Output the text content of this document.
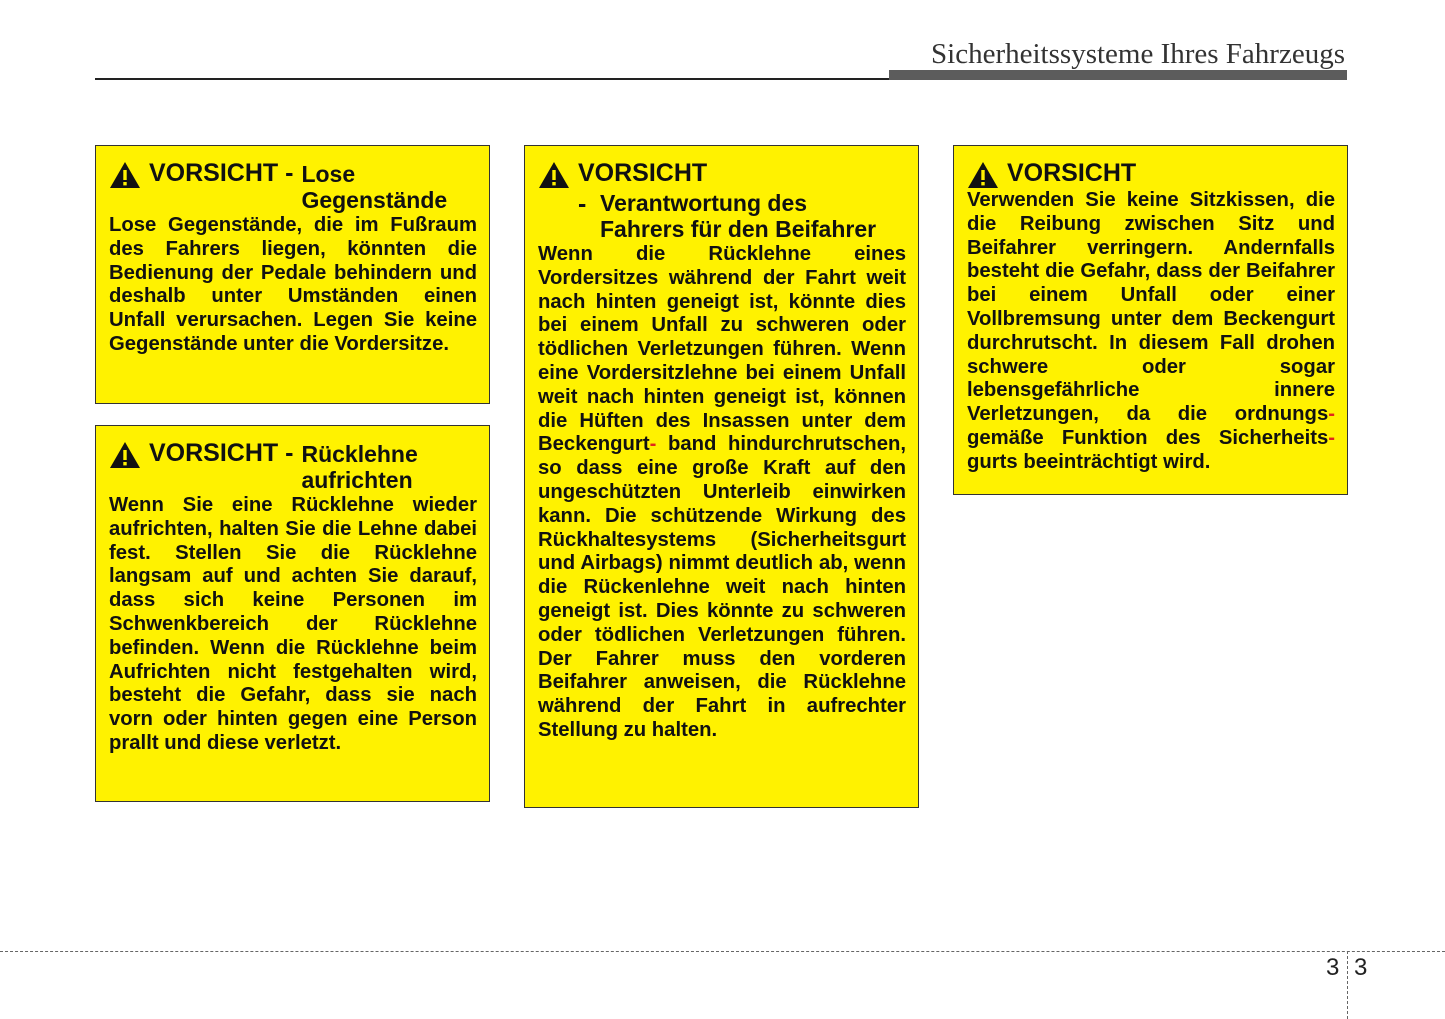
Sicherheitssysteme Ihres Fahrzeugs
VORSICHT - Lose
Gegenstände

Lose Gegenstände, die im Fußraum des Fahrers liegen, könnten die Bedienung der Pedale behindern und deshalb unter Umständen einen Unfall verursachen. Legen Sie keine Gegenstände unter die Vordersitze.

VORSICHT - Rücklehne
aufrichten

Wenn Sie eine Rücklehne wieder aufrichten, halten Sie die Lehne dabei fest. Stellen Sie die Rücklehne langsam auf und achten Sie darauf, dass sich keine Personen im Schwenkbereich der Rücklehne befinden. Wenn die Rücklehne beim Aufrichten nicht festgehalten wird, besteht die Gefahr, dass sie nach vorn oder hinten gegen eine Person prallt und diese verletzt.

VORSICHT
- Verantwortung des
Fahrers für den Beifahrer

Wenn die Rücklehne eines Vordersitzes während der Fahrt weit nach hinten geneigt ist, könnte dies bei einem Unfall zu schweren oder tödlichen Verletzungen führen. Wenn eine Vordersitzlehne bei einem Unfall weit nach hinten geneigt ist, können die Hüften des Insassen unter dem Beckengurt- band hindurchrutschen, so dass eine große Kraft auf den ungeschützten Unterleib einwirken kann. Die schützende Wirkung des Rückhaltesystems (Sicherheitsgurt und Airbags) nimmt deutlich ab, wenn die Rückenlehne weit nach hinten geneigt ist. Dies könnte zu schweren oder tödlichen Verletzungen führen. Der Fahrer muss den vorderen Beifahrer anweisen, die Rücklehne während der Fahrt in aufrechter Stellung zu halten.

VORSICHT

Verwenden Sie keine Sitzkissen, die die Reibung zwischen Sitz und Beifahrer verringern. Andernfalls besteht die Gefahr, dass der Beifahrer bei einem Unfall oder einer Vollbremsung unter dem Beckengurt durchrutscht. In diesem Fall drohen schwere oder sogar lebensgefährliche innere Verletzungen, da die ordnungs- gemäße Funktion des Sicherheits- gurts beeinträchtigt wird.

3 3
